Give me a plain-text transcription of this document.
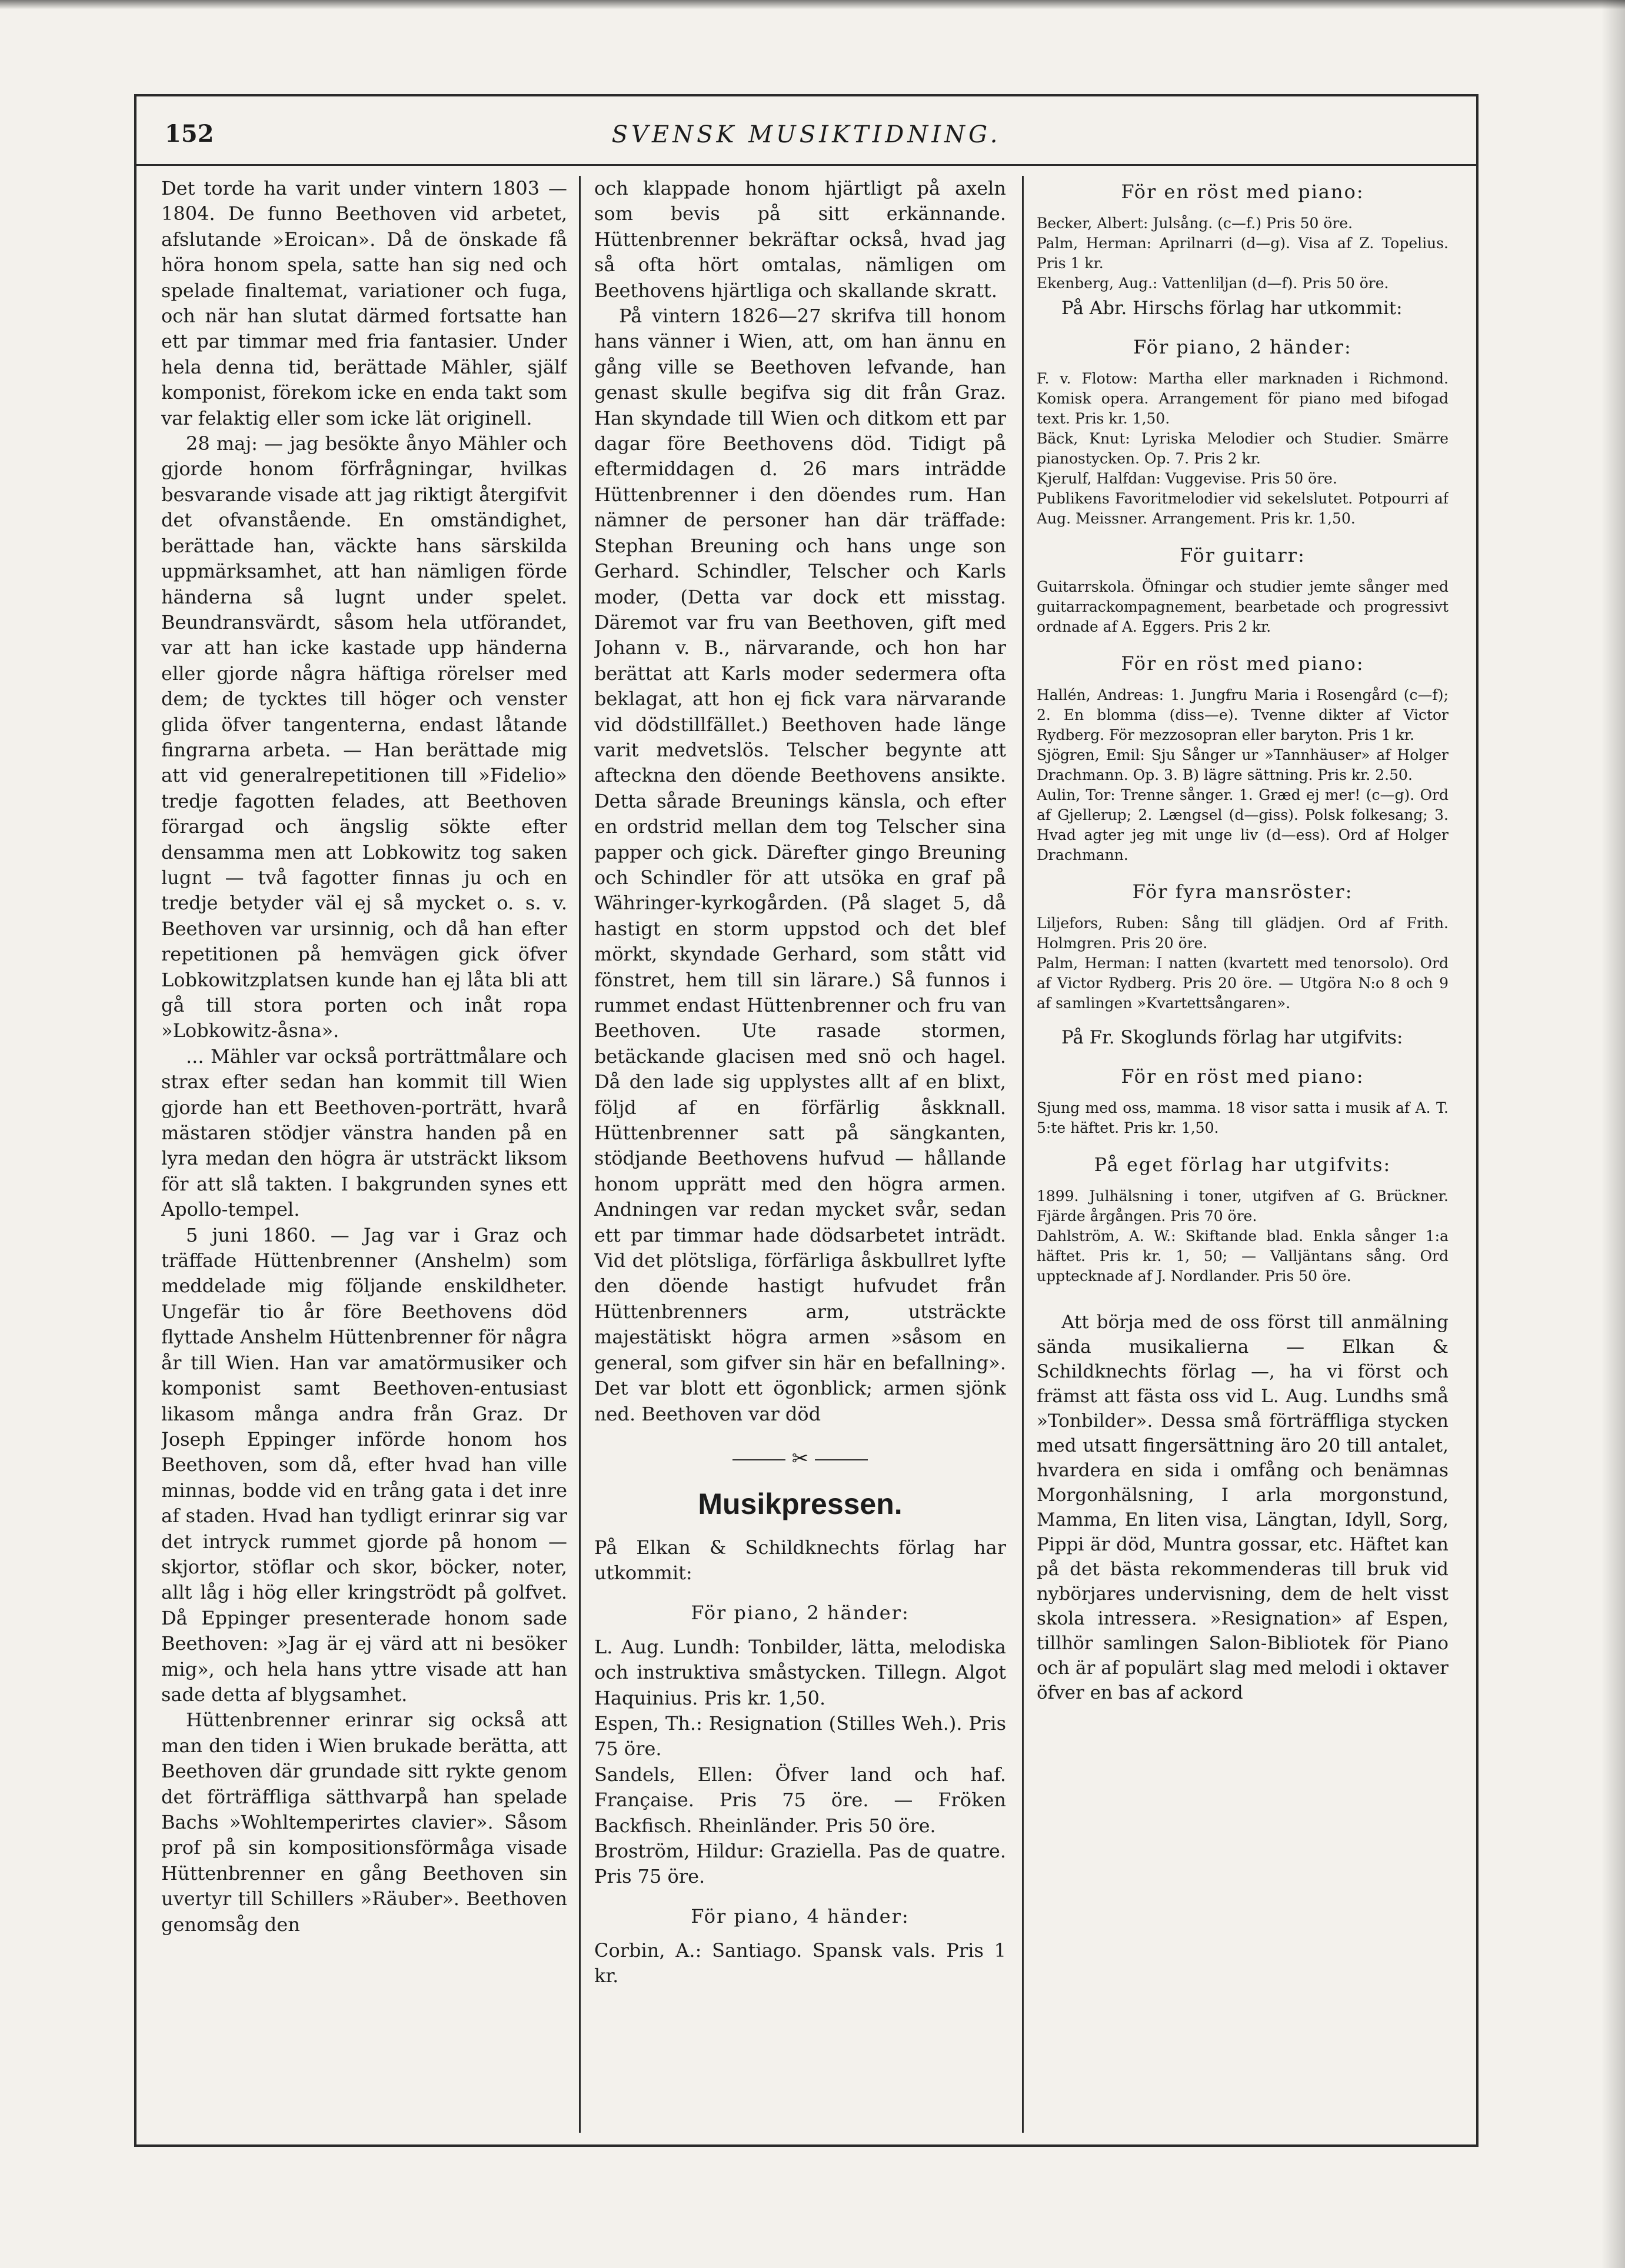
152	SVENSK MUSIKTIDNING.

Det torde ha varit under vintern 1803 —1804. De funno Beethoven vid arbetet, afslutande »Eroican». Då de önskade få höra honom spela, satte han sig ned och spelade finaltemat, variationer och fuga, och när han slutat därmed fortsatte han ett par timmar med fria fantasier. Under hela denna tid, berättade Mähler, själf komponist, förekom icke en enda takt som var felaktig eller som icke lät originell.

28 maj: — jag besökte ånyo Mähler och gjorde honom förfrågningar, hvilkas besvarande visade att jag riktigt återgifvit det ofvanstående. En omständighet, berättade han, väckte hans särskilda uppmärksamhet, att han nämligen förde händerna så lugnt under spelet. Beundransvärdt, såsom hela utförandet, var att han icke kastade upp händerna eller gjorde några häftiga rörelser med dem; de tycktes till höger och venster glida öfver tangenterna, endast låtande fingrarna arbeta. — Han berättade mig att vid generalrepetitionen till »Fidelio» tredje fagotten felades, att Beethoven förargad och ängslig sökte efter densamma men att Lobkowitz tog saken lugnt — två fagotter finnas ju och en tredje betyder väl ej så mycket o. s. v. Beethoven var ursinnig, och då han efter repetitionen på hemvägen gick öfver Lobkowitzplatsen kunde han ej låta bli att gå till stora porten och inåt ropa »Lobkowitz-åsna».

... Mähler var också porträttmålare och strax efter sedan han kommit till Wien gjorde han ett Beethoven-porträtt, hvarå mästaren stödjer vänstra handen på en lyra medan den högra är utsträckt liksom för att slå takten. I bakgrunden synes ett Apollo-tempel.

5 juni 1860. — Jag var i Graz och träffade Hüttenbrenner (Anshelm) som meddelade mig följande enskildheter. Ungefär tio år före Beethovens död flyttade Anshelm Hüttenbrenner för några år till Wien. Han var amatörmusiker och komponist samt Beethoven-entusiast likasom många andra från Graz. Dr Joseph Eppinger införde honom hos Beethoven, som då, efter hvad han ville minnas, bodde vid en trång gata i det inre af staden. Hvad han tydligt erinrar sig var det intryck rummet gjorde på honom — skjortor, stöflar och skor, böcker, noter, allt låg i hög eller kringströdt på golfvet. Då Eppinger presenterade honom sade Beethoven: »Jag är ej värd att ni besöker mig», och hela hans yttre visade att han sade detta af blygsamhet.

Hüttenbrenner erinrar sig också att man den tiden i Wien brukade berätta, att Beethoven där grundade sitt rykte genom det förträffliga sätthvarpå han spelade Bachs »Wohltemperirtes clavier». Såsom prof på sin kompositionsförmåga visade Hüttenbrenner en gång Beethoven sin uvertyr till Schillers »Räuber». Beethoven genomsåg den

och klappade honom hjärtligt på axeln som bevis på sitt erkännande. Hüttenbrenner bekräftar också, hvad jag så ofta hört omtalas, nämligen om Beethovens hjärtliga och skallande skratt.

På vintern 1826—27 skrifva till honom hans vänner i Wien, att, om han ännu en gång ville se Beethoven lefvande, han genast skulle begifva sig dit från Graz. Han skyndade till Wien och ditkom ett par dagar före Beethovens död. Tidigt på eftermiddagen d. 26 mars inträdde Hüttenbrenner i den döendes rum. Han nämner de personer han där träffade: Stephan Breuning och hans unge son Gerhard. Schindler, Telscher och Karls moder, (Detta var dock ett misstag. Däremot var fru van Beethoven, gift med Johann v. B., närvarande, och hon har berättat att Karls moder sedermera ofta beklagat, att hon ej fick vara närvarande vid dödstillfället.) Beethoven hade länge varit medvetslös. Telscher begynte att afteckna den döende Beethovens ansikte. Detta sårade Breunings känsla, och efter en ordstrid mellan dem tog Telscher sina papper och gick. Därefter gingo Breuning och Schindler för att utsöka en graf på Währinger-kyrkogården. (På slaget 5, då hastigt en storm uppstod och det blef mörkt, skyndade Gerhard, som stått vid fönstret, hem till sin lärare.) Så funnos i rummet endast Hüttenbrenner och fru van Beethoven. Ute rasade stormen, betäckande glacisen med snö och hagel. Då den lade sig upplystes allt af en blixt, följd af en förfärlig åskknall. Hüttenbrenner satt på sängkanten, stödjande Beethovens hufvud — hållande honom upprätt med den högra armen. Andningen var redan mycket svår, sedan ett par timmar hade dödsarbetet inträdt. Vid det plötsliga, förfärliga åskbullret lyfte den döende hastigt hufvudet från Hüttenbrenners arm, utsträckte majestätiskt högra armen »såsom en general, som gifver sin här en befallning». Det var blott ett ögonblick; armen sjönk ned. Beethoven var död

✂
Musikpressen.

På Elkan & Schildknechts förlag har utkommit:

För piano, 2 händer:

L. Aug. Lundh: Tonbilder, lätta, melodiska och instruktiva småstycken. Tillegn. Algot Haquinius. Pris kr. 1,50.

Espen, Th.: Resignation (Stilles Weh.). Pris 75 öre.

Sandels, Ellen: Öfver land och haf. Française. Pris 75 öre. — Fröken Backfisch. Rheinländer. Pris 50 öre.

Broström, Hildur: Graziella. Pas de quatre. Pris 75 öre.

För piano, 4 händer:

Corbin, A.: Santiago. Spansk vals. Pris 1 kr.

För en röst med piano:

Becker, Albert: Julsång. (c—f.) Pris 50 öre.

Palm, Herman: Aprilnarri (d—g). Visa af Z. Topelius. Pris 1 kr.

Ekenberg, Aug.: Vattenliljan (d—f). Pris 50 öre.

På Abr. Hirschs förlag har utkommit:

För piano, 2 händer:

F. v. Flotow: Martha eller marknaden i Richmond. Komisk opera. Arrangement för piano med bifogad text. Pris kr. 1,50.

Bäck, Knut: Lyriska Melodier och Studier. Smärre pianostycken. Op. 7. Pris 2 kr.

Kjerulf, Halfdan: Vuggevise. Pris 50 öre.

Publikens Favoritmelodier vid sekelslutet. Potpourri af Aug. Meissner. Arrangement. Pris kr. 1,50.

För guitarr:

Guitarrskola. Öfningar och studier jemte sånger med guitarrackompagnement, bearbetade och progressivt ordnade af A. Eggers. Pris 2 kr.

För en röst med piano:

Hallén, Andreas: 1. Jungfru Maria i Rosengård (c—f); 2. En blomma (diss—e). Tvenne dikter af Victor Rydberg. För mezzosopran eller baryton. Pris 1 kr.

Sjögren, Emil: Sju Sånger ur »Tannhäuser» af Holger Drachmann. Op. 3. B) lägre sättning. Pris kr. 2.50.

Aulin, Tor: Trenne sånger. 1. Græd ej mer! (c—g). Ord af Gjellerup; 2. Længsel (d—giss). Polsk folkesang; 3. Hvad agter jeg mit unge liv (d—ess). Ord af Holger Drachmann.

För fyra mansröster:

Liljefors, Ruben: Sång till glädjen. Ord af Frith. Holmgren. Pris 20 öre.

Palm, Herman: I natten (kvartett med tenorsolo). Ord af Victor Rydberg. Pris 20 öre. — Utgöra N:o 8 och 9 af samlingen »Kvartettsångaren».

På Fr. Skoglunds förlag har utgifvits:

För en röst med piano:

Sjung med oss, mamma. 18 visor satta i musik af A. T. 5:te häftet. Pris kr. 1,50.

På eget förlag har utgifvits:

1899. Julhälsning i toner, utgifven af G. Brückner. Fjärde årgången. Pris 70 öre.

Dahlström, A. W.: Skiftande blad. Enkla sånger 1:a häftet. Pris kr. 1, 50; — Valljäntans sång. Ord upptecknade af J. Nordlander. Pris 50 öre.

Att börja med de oss först till anmälning sända musikalierna — Elkan & Schildknechts förlag —, ha vi först och främst att fästa oss vid L. Aug. Lundhs små »Tonbilder». Dessa små förträffliga stycken med utsatt fingersättning äro 20 till antalet, hvardera en sida i omfång och benämnas Morgonhälsning, I arla morgonstund, Mamma, En liten visa, Längtan, Idyll, Sorg, Pippi är död, Muntra gossar, etc. Häftet kan på det bästa rekommenderas till bruk vid nybörjares undervisning, dem de helt visst skola intressera. »Resignation» af Espen, tillhör samlingen Salon-Bibliotek för Piano och är af populärt slag med melodi i oktaver öfver en bas af ackord
